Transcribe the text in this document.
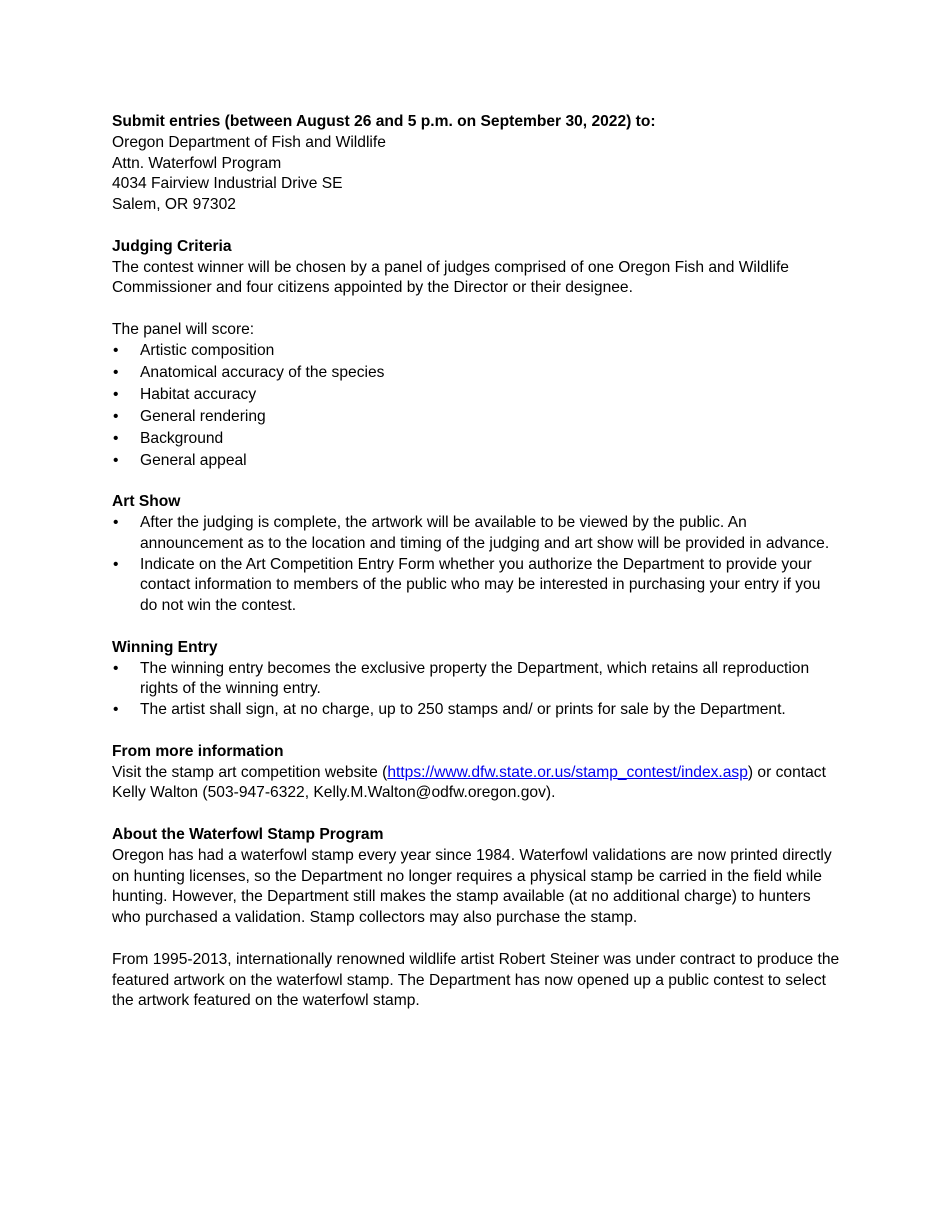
Submit entries (between August 26 and 5 p.m. on September 30, 2022) to:

Oregon Department of Fish and Wildlife

Attn. Waterfowl Program

4034 Fairview Industrial Drive SE

Salem, OR 97302

Judging Criteria

The contest winner will be chosen by a panel of judges comprised of one Oregon Fish and Wildlife Commissioner and four citizens appointed by the Director or their designee.

The panel will score:

•	Artistic composition
•	Anatomical accuracy of the species
•	Habitat accuracy
•	General rendering
•	Background
•	General appeal

Art Show

•	After the judging is complete, the artwork will be available to be viewed by the public. An announcement as to the location and timing of the judging and art show will be provided in advance.
•	Indicate on the Art Competition Entry Form whether you authorize the Department to provide your contact information to members of the public who may be interested in purchasing your entry if you do not win the contest.

Winning Entry

•	The winning entry becomes the exclusive property the Department, which retains all reproduction rights of the winning entry.
•	The artist shall sign, at no charge, up to 250 stamps and/ or prints for sale by the Department.

From more information

Visit the stamp art competition website (https://www.dfw.state.or.us/stamp_contest/index.asp) or contact Kelly Walton (503-947-6322, Kelly.M.Walton@odfw.oregon.gov).

About the Waterfowl Stamp Program

Oregon has had a waterfowl stamp every year since 1984. Waterfowl validations are now printed directly on hunting licenses, so the Department no longer requires a physical stamp be carried in the field while hunting. However, the Department still makes the stamp available (at no additional charge) to hunters who purchased a validation. Stamp collectors may also purchase the stamp.

From 1995-2013, internationally renowned wildlife artist Robert Steiner was under contract to produce the featured artwork on the waterfowl stamp. The Department has now opened up a public contest to select the artwork featured on the waterfowl stamp.
